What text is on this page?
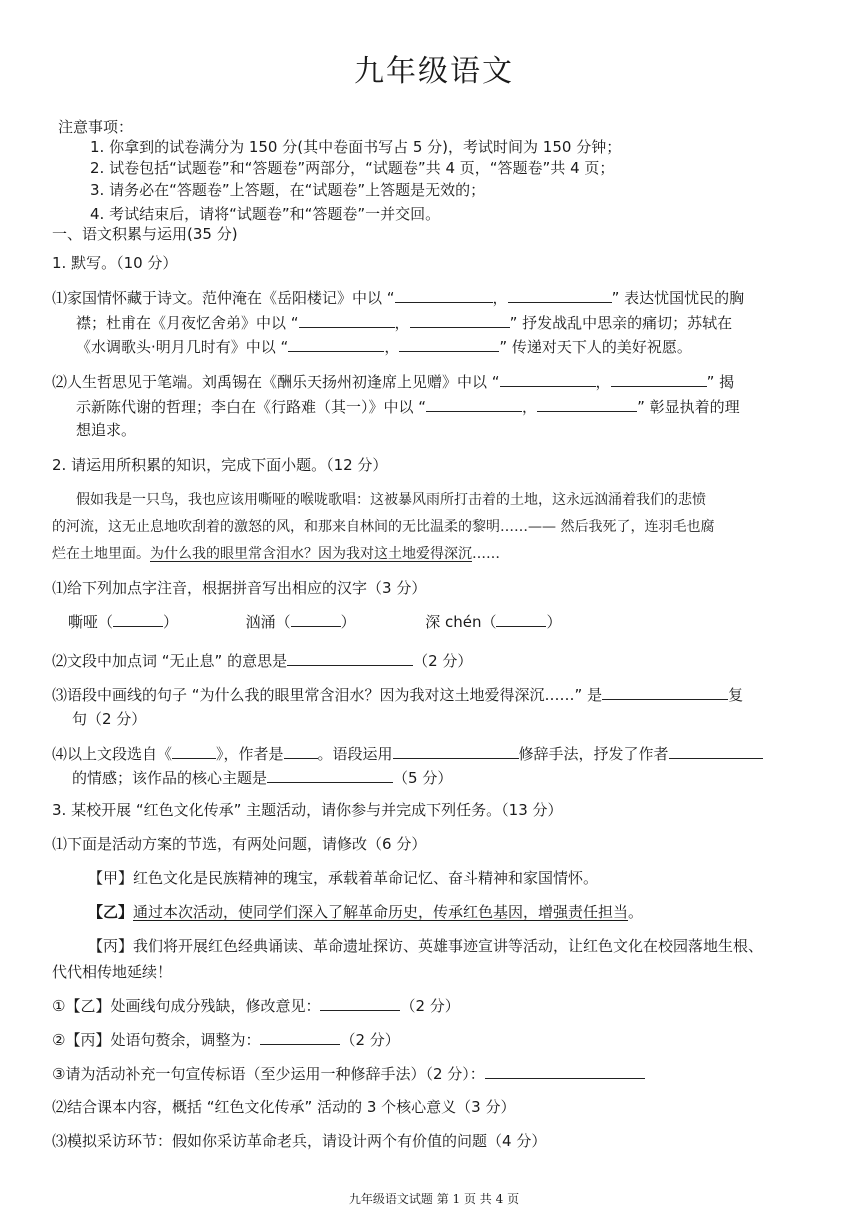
九年级语文
注意事项：
1. 你拿到的试卷满分为 150 分(其中卷面书写占 5 分)，考试时间为 150 分钟；
2. 试卷包括“试题卷”和“答题卷”两部分，“试题卷”共 4 页，“答题卷”共 4 页；
3. 请务必在“答题卷”上答题，在“试题卷”上答题是无效的；
4. 考试结束后，请将“试题卷”和“答题卷”一并交回。
一、语文积累与运用(35 分)
1. 默写。（10 分）
⑴家国情怀藏于诗文。范仲淹在《岳阳楼记》中以 “	，	” 表达忧国忧民的胸
襟；杜甫在《月夜忆舍弟》中以 “	，	” 抒发战乱中思亲的痛切；苏轼在
《水调歌头·明月几时有》中以 “	，	” 传递对天下人的美好祝愿。
⑵人生哲思见于笔端。刘禹锡在《酬乐天扬州初逢席上见赠》中以 “	，	” 揭
示新陈代谢的哲理；李白在《行路难（其一）》中以 “	，	” 彰显执着的理
想追求。
2. 请运用所积累的知识，完成下面小题。（12 分）
假如我是一只鸟，我也应该用嘶哑的喉咙歌唱：这被暴风雨所打击着的土地，这永远汹涌着我们的悲愤
的河流，这无止息地吹刮着的激怒的风，和那来自林间的无比温柔的黎明……—— 然后我死了，连羽毛也腐
烂在土地里面。为什么我的眼里常含泪水？因为我对这土地爱得深沉……
⑴给下列加点字注音，根据拼音写出相应的汉字（3 分）
嘶哑（	）	汹涌（	）	深 chén（	）
⑵文段中加点词 “无止息” 的意思是	（2 分）
⑶语段中画线的句子 “为什么我的眼里常含泪水？因为我对这土地爱得深沉……” 是	复
句（2 分）
⑷以上文段选自《	》，作者是 。语段运用	修辞手法，抒发了作者
的情感；该作品的核心主题是	（5 分）
3. 某校开展 “红色文化传承” 主题活动，请你参与并完成下列任务。（13 分）
⑴下面是活动方案的节选，有两处问题，请修改（6 分）
【甲】红色文化是民族精神的瑰宝，承载着革命记忆、奋斗精神和家国情怀。
【乙】通过本次活动，使同学们深入了解革命历史，传承红色基因，增强责任担当。
【丙】我们将开展红色经典诵读、革命遗址探访、英雄事迹宣讲等活动，让红色文化在校园落地生根、
代代相传地延续！
①【乙】处画线句成分残缺，修改意见：	（2 分）
②【丙】处语句赘余，调整为：	（2 分）
③请为活动补充一句宣传标语（至少运用一种修辞手法）（2 分）：
⑵结合课本内容，概括 “红色文化传承” 活动的 3 个核心意义（3 分）
⑶模拟采访环节：假如你采访革命老兵，请设计两个有价值的问题（4 分）
九年级语文试题 第 1 页 共 4 页
